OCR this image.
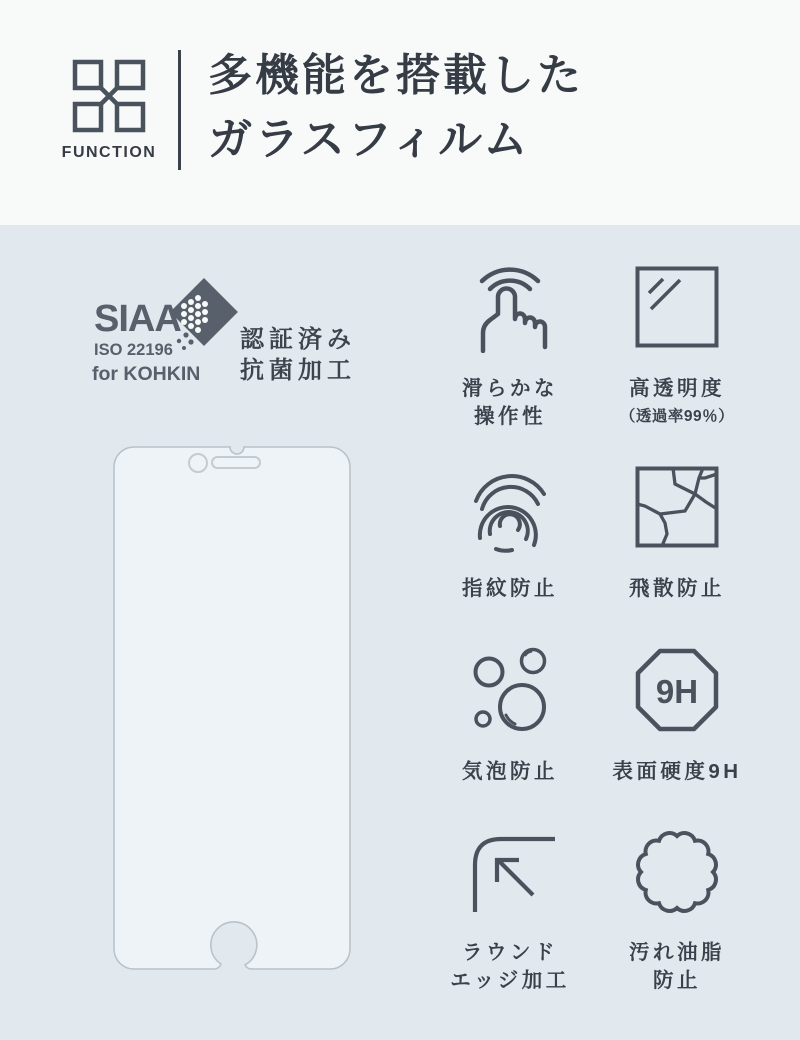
FUNCTION
多機能を搭載した
ガラスフィルム
SIAA
ISO 22196
for KOHKIN
認証済み
抗菌加工
滑らかな
操作性
高透明度
（透過率99％）
指紋防止	飛散防止
気泡防止
9H
表面硬度9H
ラウンド
エッジ加工
汚れ油脂
防止
